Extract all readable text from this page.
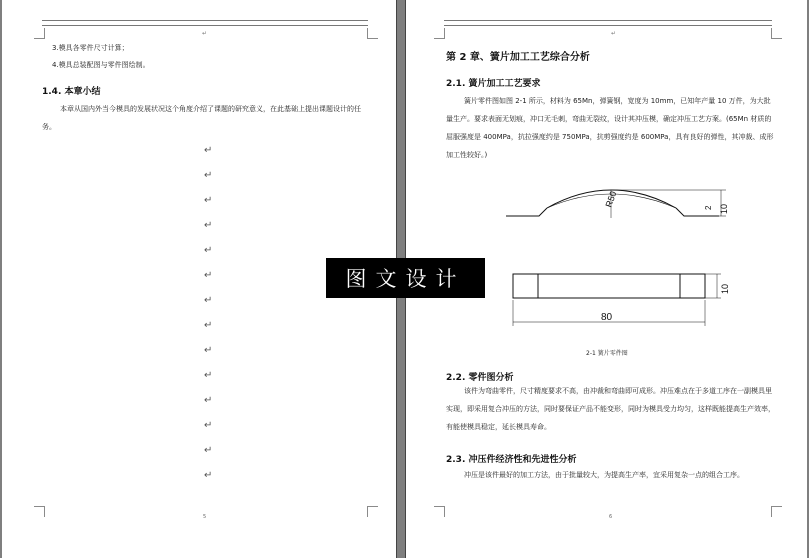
↵
3.模具各零件尺寸计算；
4.模具总装配图与零件图绘制。
1.4. 本章小结
本章从国内外当今模具的发展状况这个角度介绍了课题的研究意义，在此基础上提出课题设计的任务。
↵
↵
↵
↵
↵
↵
↵
↵
↵
↵
↵
↵
↵
↵
5
↵
第 2 章、簧片加工工艺综合分析
2.1. 簧片加工工艺要求
簧片零件图如图 2-1 所示，材料为 65Mn，弹簧钢，宽度为 10mm，已知年产量 10 万件，为大批量生产。要求表面无划痕，冲口无毛刺，弯曲无裂纹，设计其冲压模，确定冲压工艺方案。(65Mn 材质的屈服强度是 400MPa，抗拉强度约是 750MPa，抗剪强度约是 600MPa，具有良好的弹性，其冲裁、成形加工性较好。)
R50	2 10
10
80
2-1 簧片零件图
2.2. 零件图分析
该件为弯曲零件，尺寸精度要求不高，由冲裁和弯曲即可成形。冲压难点在于多道工序在一副模具里实现，即采用复合冲压的方法，同时要保证产品不能变形，同时为模具受力均匀，这样既能提高生产效率，有能使模具稳定，延长模具寿命。
2.3. 冲压件经济性和先进性分析
冲压是该件最好的加工方法，由于批量较大，为提高生产率，宜采用复杂一点的组合工序。
6
图文设计
